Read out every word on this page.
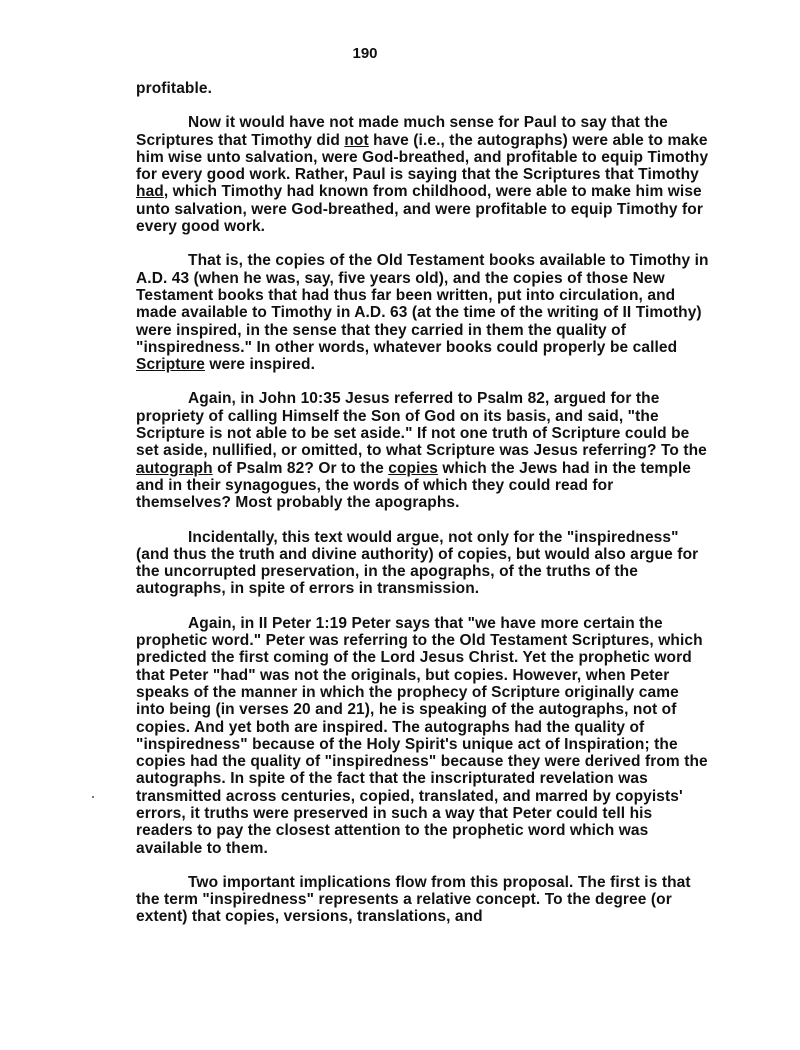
190

profitable.

Now it would have not made much sense for Paul to say that the Scriptures that Timothy did not have (i.e., the autographs) were able to make him wise unto salvation, were God-breathed, and profitable to equip Timothy for every good work. Rather, Paul is saying that the Scriptures that Timothy had, which Timothy had known from childhood, were able to make him wise unto salvation, were God-breathed, and were profitable to equip Timothy for every good work.

That is, the copies of the Old Testament books available to Timothy in A.D. 43 (when he was, say, five years old), and the copies of those New Testament books that had thus far been written, put into circulation, and made available to Timothy in A.D. 63 (at the time of the writing of II Timothy) were inspired, in the sense that they carried in them the quality of "inspiredness." In other words, whatever books could properly be called Scripture were inspired.

Again, in John 10:35 Jesus referred to Psalm 82, argued for the propriety of calling Himself the Son of God on its basis, and said, "the Scripture is not able to be set aside." If not one truth of Scripture could be set aside, nullified, or omitted, to what Scripture was Jesus referring? To the autograph of Psalm 82? Or to the copies which the Jews had in the temple and in their synagogues, the words of which they could read for themselves? Most probably the apographs.

Incidentally, this text would argue, not only for the "inspiredness" (and thus the truth and divine authority) of copies, but would also argue for the uncorrupted preservation, in the apographs, of the truths of the autographs, in spite of errors in transmission.

Again, in II Peter 1:19 Peter says that "we have more certain the prophetic word." Peter was referring to the Old Testament Scriptures, which predicted the first coming of the Lord Jesus Christ. Yet the prophetic word that Peter "had" was not the originals, but copies. However, when Peter speaks of the manner in which the prophecy of Scripture originally came into being (in verses 20 and 21), he is speaking of the autographs, not of copies. And yet both are inspired. The autographs had the quality of "inspiredness" because of the Holy Spirit's unique act of Inspiration; the copies had the quality of "inspiredness" because they were derived from the autographs. In spite of the fact that the inscripturated revelation was transmitted across centuries, copied, translated, and marred by copyists' errors, it truths were preserved in such a way that Peter could tell his readers to pay the closest attention to the prophetic word which was available to them.

Two important implications flow from this proposal. The first is that the term "inspiredness" represents a relative concept. To the degree (or extent) that copies, versions, translations, and
